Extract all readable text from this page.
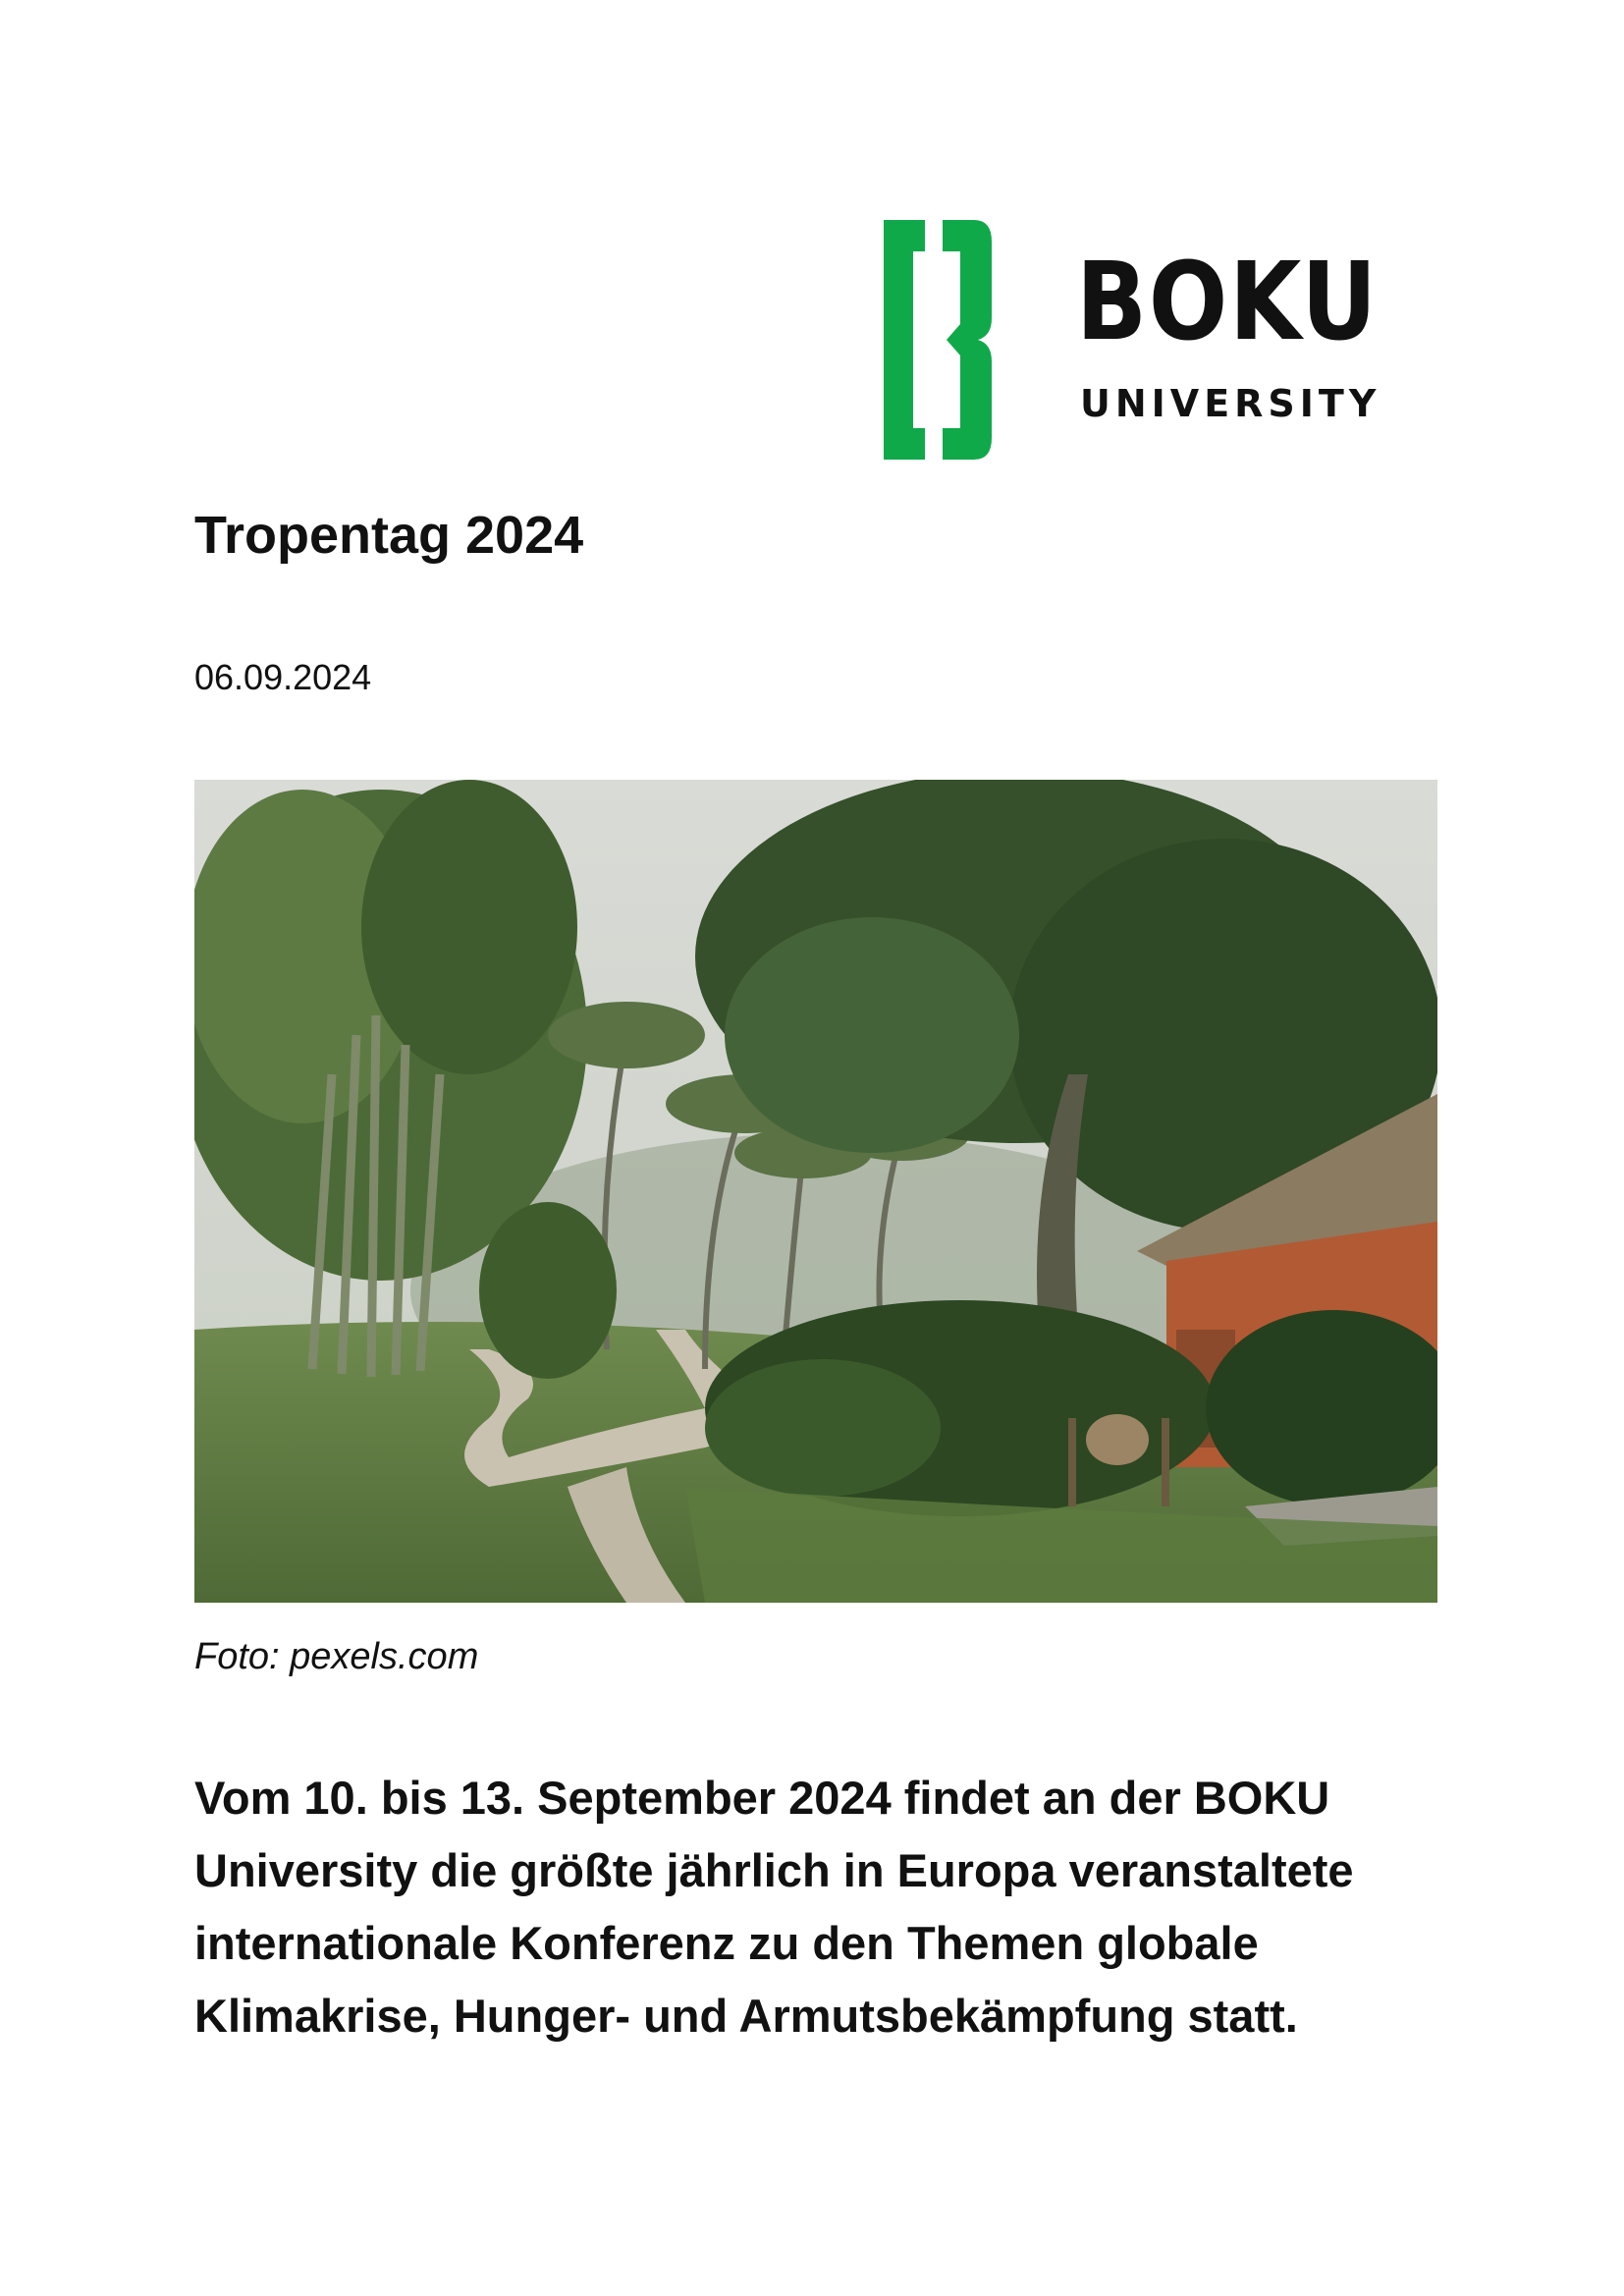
BOKU
UNIVERSITY
Tropentag 2024
06.09.2024
Foto: pexels.com

Vom 10. bis 13. September 2024 findet an der BOKU University die größte jährlich in Europa veranstaltete internationale Konferenz zu den Themen globale Klimakrise, Hunger- und Armutsbekämpfung statt.
